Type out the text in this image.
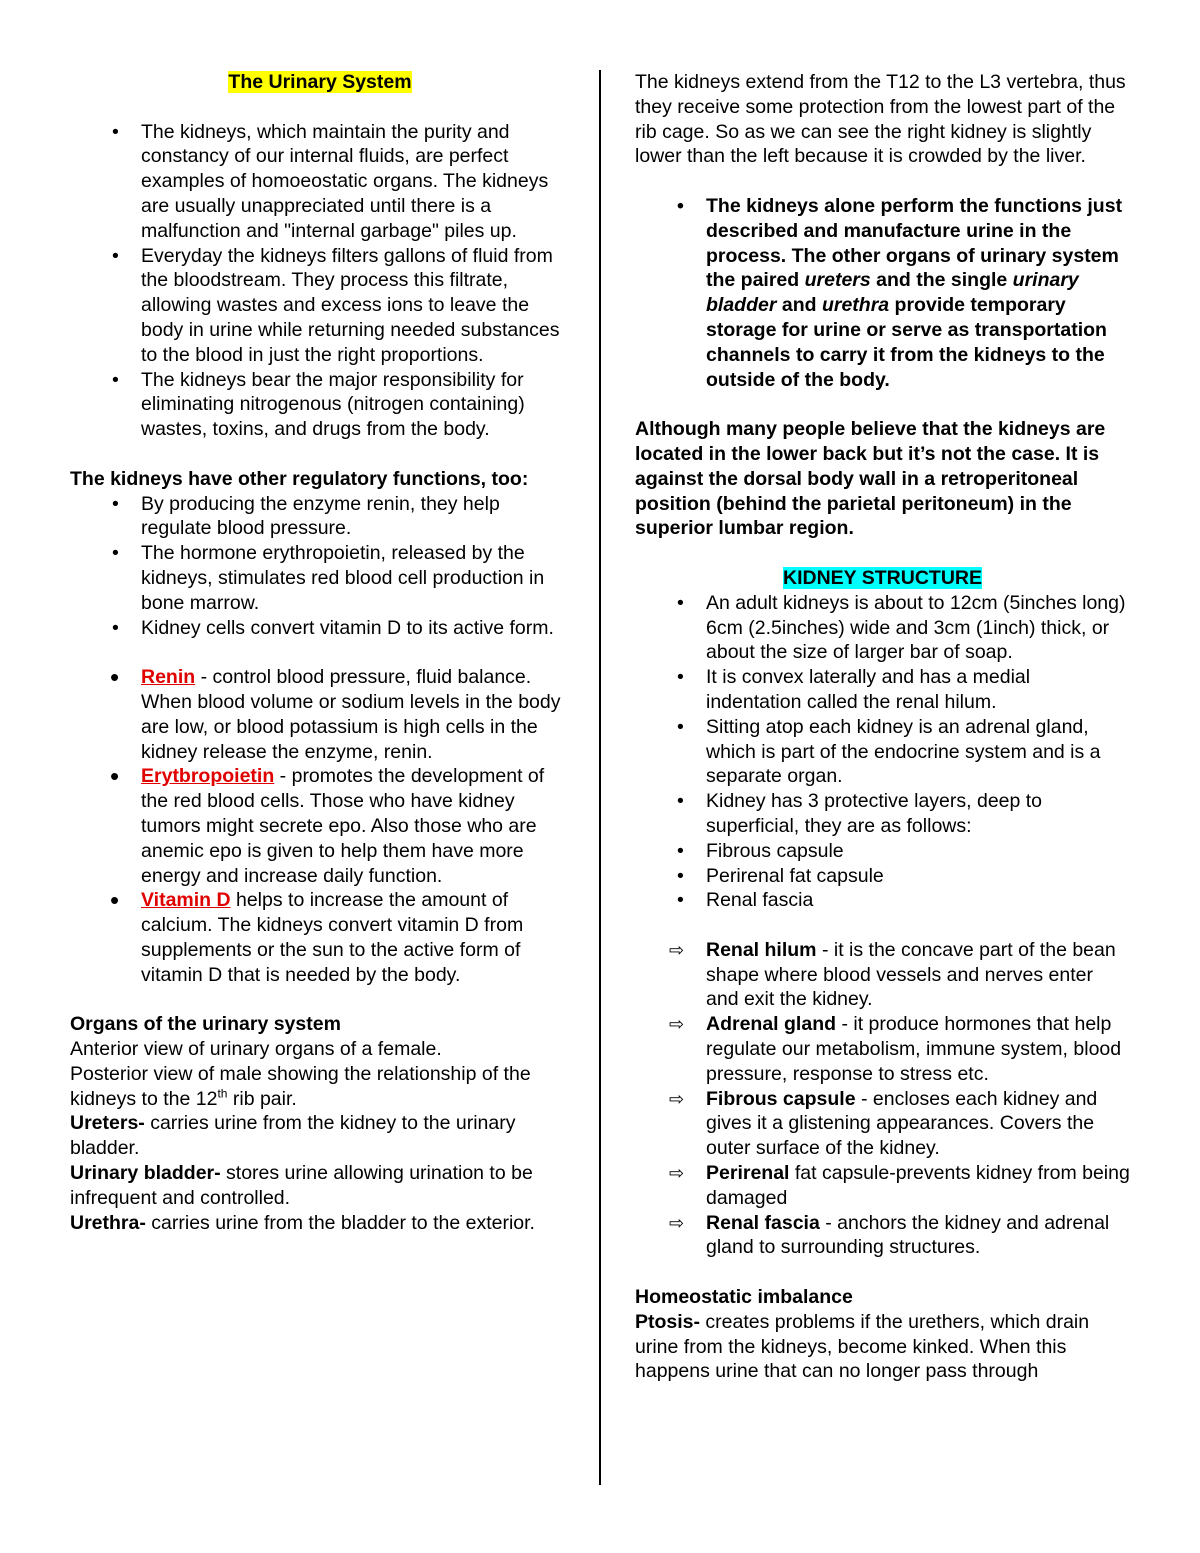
The Urinary System

• The kidneys, which maintain the purity and constancy of our internal fluids, are perfect examples of homoeostatic organs. The kidneys are usually unappreciated until there is a malfunction and "internal garbage" piles up.
• Everyday the kidneys filters gallons of fluid from the bloodstream. They process this filtrate, allowing wastes and excess ions to leave the body in urine while returning needed substances to the blood in just the right proportions.
• The kidneys bear the major responsibility for eliminating nitrogenous (nitrogen containing) wastes, toxins, and drugs from the body.

The kidneys have other regulatory functions, too:

• By producing the enzyme renin, they help regulate blood pressure.
• The hormone erythropoietin, released by the kidneys, stimulates red blood cell production in bone marrow.
• Kidney cells convert vitamin D to its active form.
• Renin - control blood pressure, fluid balance. When blood volume or sodium levels in the body are low, or blood potassium is high cells in the kidney release the enzyme, renin.
• Erytbropoietin - promotes the development of the red blood cells. Those who have kidney tumors might secrete epo. Also those who are anemic epo is given to help them have more energy and increase daily function.
• Vitamin D helps to increase the amount of calcium. The kidneys convert vitamin D from supplements or the sun to the active form of vitamin D that is needed by the body.

Organs of the urinary system

Anterior view of urinary organs of a female.

Posterior view of male showing the relationship of the kidneys to the 12th rib pair.

Ureters- carries urine from the kidney to the urinary bladder.

Urinary bladder- stores urine allowing urination to be infrequent and controlled.

Urethra- carries urine from the bladder to the exterior.

The kidneys extend from the T12 to the L3 vertebra, thus they receive some protection from the lowest part of the rib cage. So as we can see the right kidney is slightly lower than the left because it is crowded by the liver.

• The kidneys alone perform the functions just described and manufacture urine in the process. The other organs of urinary system the paired ureters and the single urinary bladder and urethra provide temporary storage for urine or serve as transportation channels to carry it from the kidneys to the outside of the body.

Although many people believe that the kidneys are located in the lower back but it’s not the case. It is against the dorsal body wall in a retroperitoneal position (behind the parietal peritoneum) in the superior lumbar region.

KIDNEY STRUCTURE

• An adult kidneys is about to 12cm (5inches long) 6cm (2.5inches) wide and 3cm (1inch) thick, or about the size of larger bar of soap.
• It is convex laterally and has a medial indentation called the renal hilum.
• Sitting atop each kidney is an adrenal gland, which is part of the endocrine system and is a separate organ.
• Kidney has 3 protective layers, deep to superficial, they are as follows:
• Fibrous capsule
• Perirenal fat capsule
• Renal fascia
⇨ Renal hilum - it is the concave part of the bean shape where blood vessels and nerves enter and exit the kidney.
⇨ Adrenal gland - it produce hormones that help regulate our metabolism, immune system, blood pressure, response to stress etc.
⇨ Fibrous capsule - encloses each kidney and gives it a glistening appearances. Covers the outer surface of the kidney.
⇨ Perirenal fat capsule-prevents kidney from being damaged
⇨ Renal fascia - anchors the kidney and adrenal gland to surrounding structures.

Homeostatic imbalance

Ptosis- creates problems if the urethers, which drain urine from the kidneys, become kinked. When this happens urine that can no longer pass through
